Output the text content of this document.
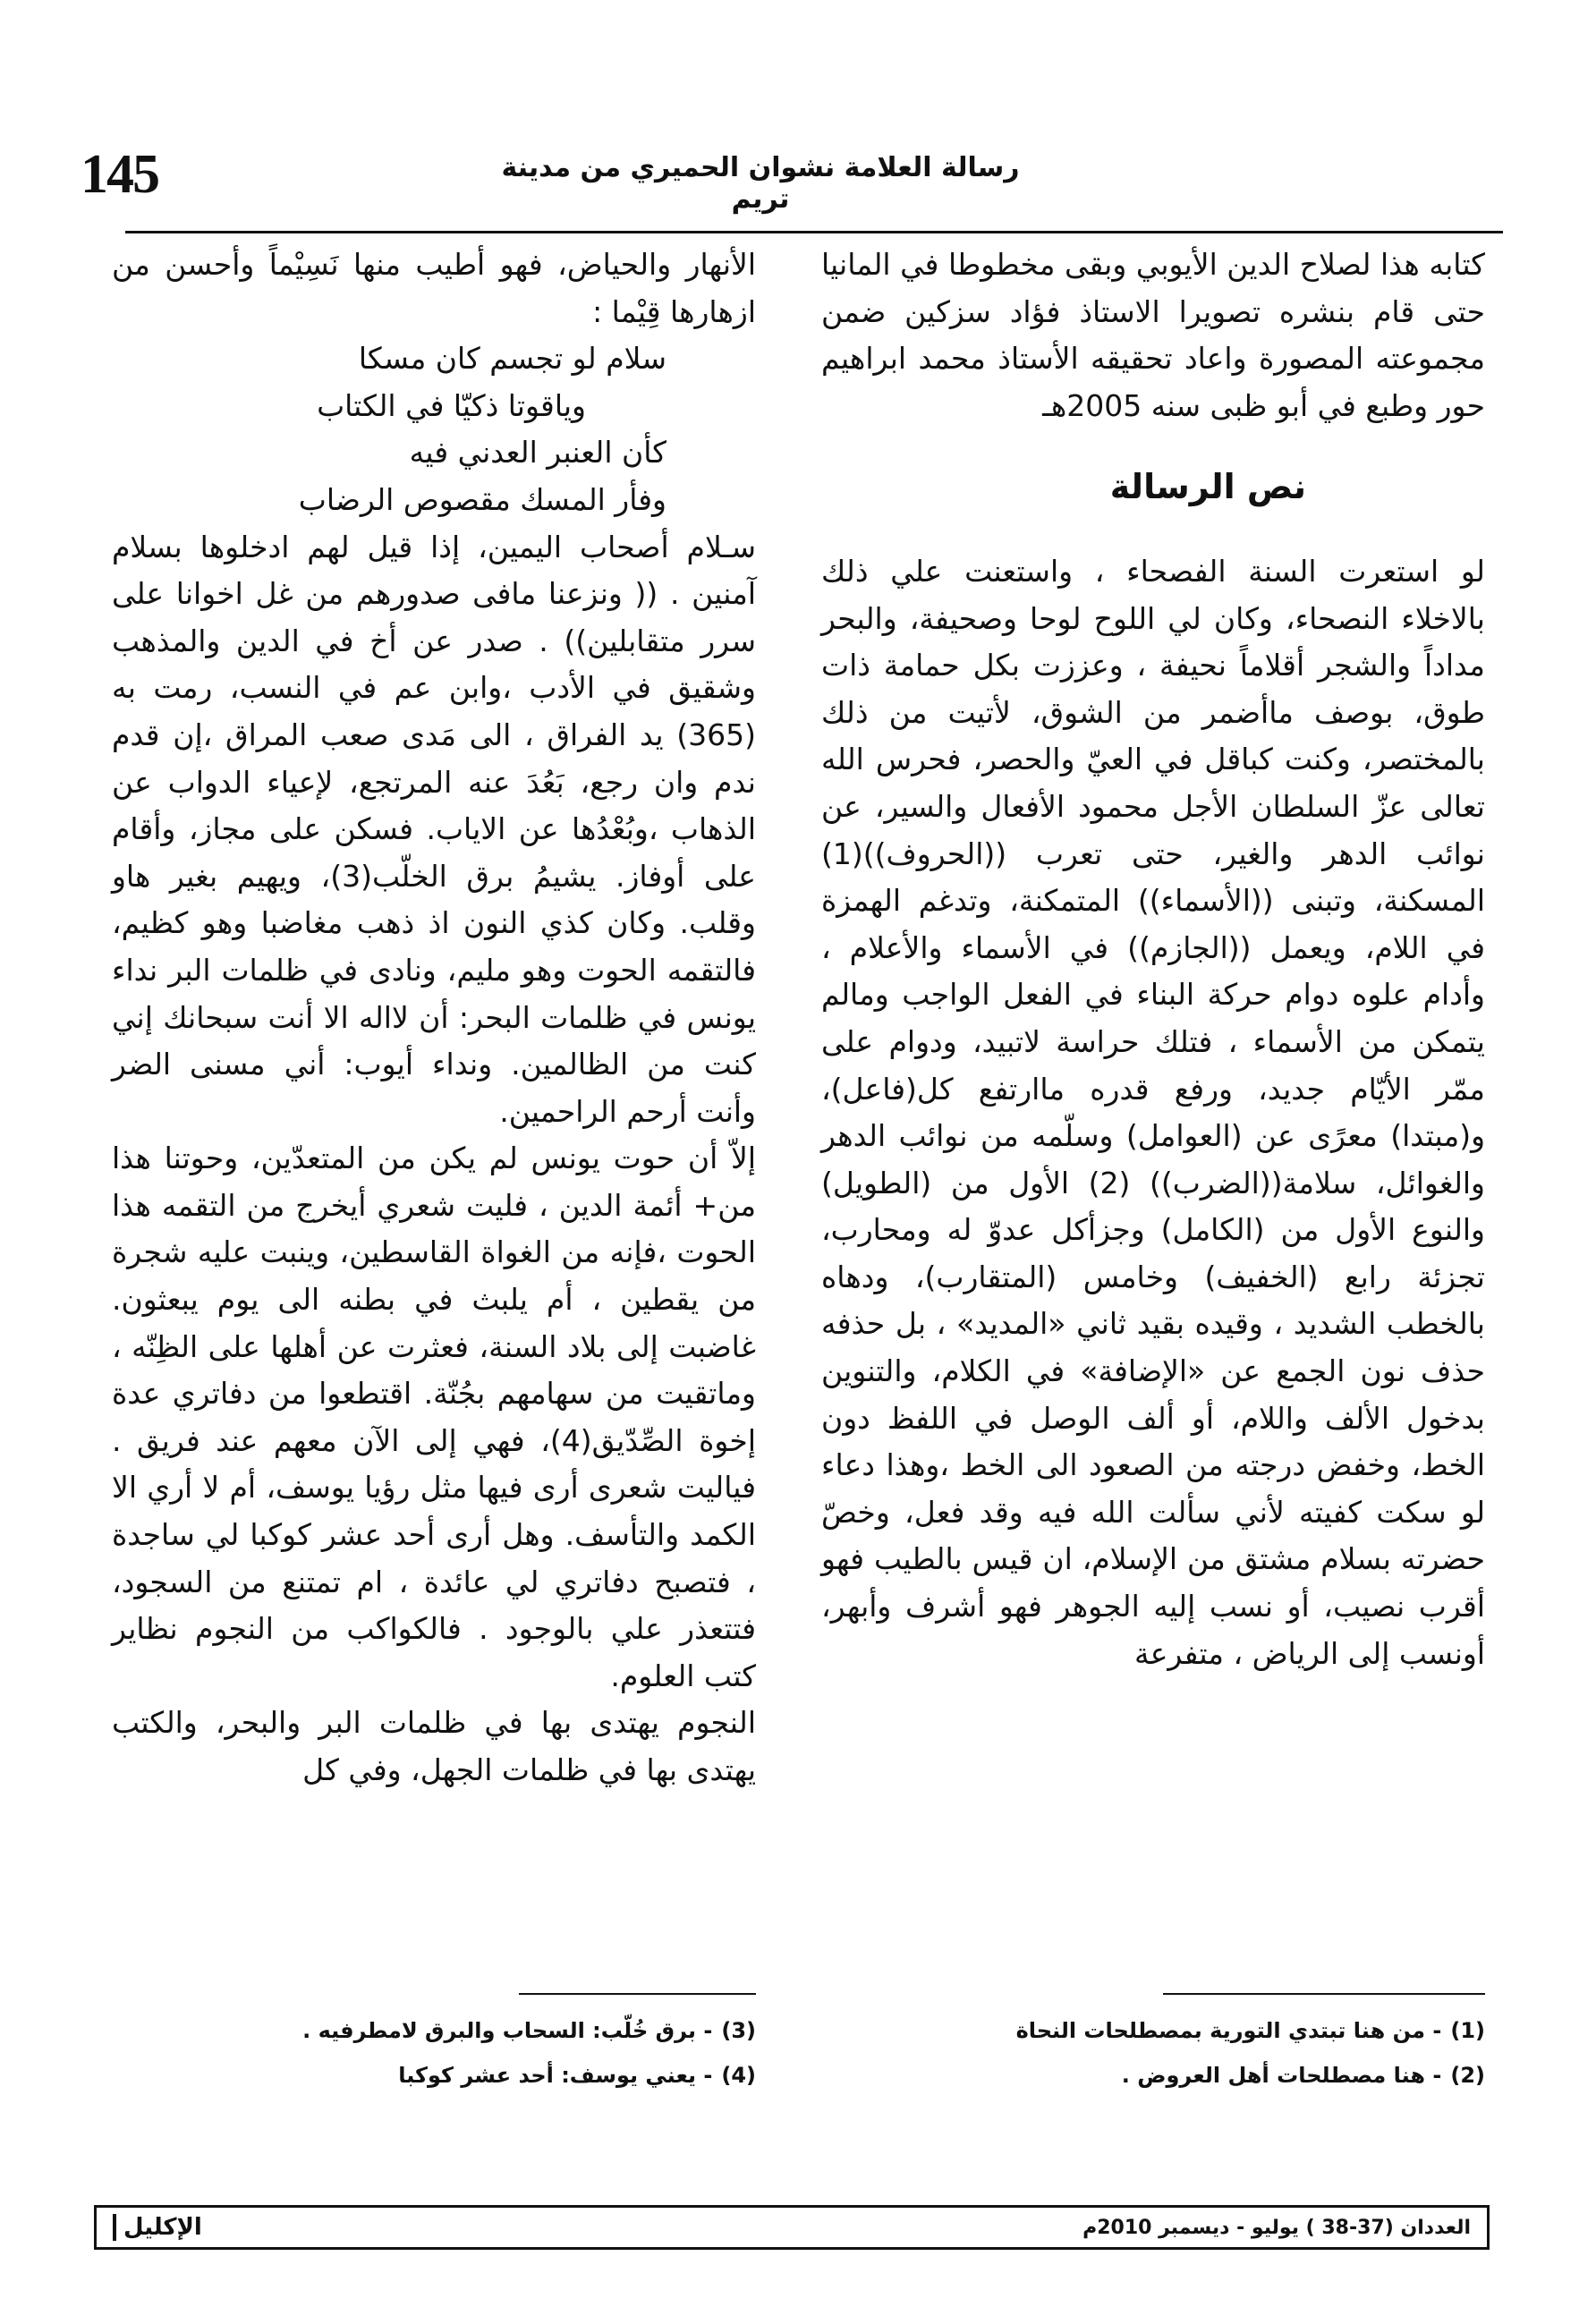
145	رسالة العلامة نشوان الحميري من مدينة تريم

كتابه هذا لصلاح الدين الأيوبي وبقى مخطوطا في المانيا حتى قام بنشره تصويرا الاستاذ فؤاد سزكين ضمن مجموعته المصورة واعاد تحقيقه الأستاذ محمد ابراهيم حور وطبع في أبو ظبى سنه 2005هـ

نص الرسالة

لو استعرت السنة الفصحاء ، واستعنت علي ذلك بالاخلاء النصحاء، وكان لي اللوح لوحا وصحيفة، والبحر مداداً والشجر أقلاماً نحيفة ، وعززت بكل حمامة ذات طوق، بوصف ماأضمر من الشوق، لأتيت من ذلك بالمختصر، وكنت كباقل في العيّ والحصر، فحرس الله تعالى عزّ السلطان الأجل محمود الأفعال والسير، عن نوائب الدهر والغير، حتى تعرب ((الحروف))(1) المسكنة، وتبنى ((الأسماء)) المتمكنة، وتدغم الهمزة في اللام، ويعمل ((الجازم)) في الأسماء والأعلام ، وأدام علوه دوام حركة البناء في الفعل الواجب ومالم يتمكن من الأسماء ، فتلك حراسة لاتبيد، ودوام على ممّر الأيّام جديد، ورفع قدره ماارتفع كل(فاعل)، و(مبتدا) معرًى عن (العوامل) وسلّمه من نوائب الدهر والغوائل، سلامة((الضرب)) (2) الأول من (الطويل) والنوع الأول من (الكامل) وجزأكل عدوّ له ومحارب، تجزئة رابع (الخفيف) وخامس (المتقارب)، ودهاه بالخطب الشديد ، وقيده بقيد ثاني «المديد» ، بل حذفه حذف نون الجمع عن «الإضافة» في الكلام، والتنوين بدخول الألف واللام، أو ألف الوصل في اللفظ دون الخط، وخفض درجته من الصعود الى الخط ،وهذا دعاء لو سكت كفيته لأني سألت الله فيه وقد فعل، وخصّ حضرته بسلام مشتق من الإسلام، ان قيس بالطيب فهو أقرب نصيب، أو نسب إليه الجوهر فهو أشرف وأبهر، أونسب إلى الرياض ، متفرعة

الأنهار والحياض، فهو أطيب منها نَسِيْماً وأحسن من ازهارها قِيْما :

سلام لو تجسم كان مسكا
وياقوتا ذكيّا في الكتاب
كأن العنبر العدني فيه
وفأر المسك مقصوص الرضاب

سـلام أصحاب اليمين، إذا قيل لهم ادخلوها بسلام آمنين . (( ونزعنا مافى صدورهم من غل اخوانا على سرر متقابلين)) . صدر عن أخ في الدين والمذهب وشقيق في الأدب ،وابن عم في النسب، رمت به (365) يد الفراق ، الى مَدى صعب المراق ،إن قدم ندم وان رجع، بَعُدَ عنه المرتجع، لإعياء الدواب عن الذهاب ،وبُعْدُها عن الاياب. فسكن على مجاز، وأقام على أوفاز. يشيمُ برق الخلّب(3)، ويهيم بغير هاو وقلب. وكان كذي النون اذ ذهب مغاضبا وهو كظيم، فالتقمه الحوت وهو مليم، ونادى في ظلمات البر نداء يونس في ظلمات البحر: أن لااله الا أنت سبحانك إني كنت من الظالمين. ونداء أيوب: أني مسنى الضر وأنت أرحم الراحمين.

إلاّ أن حوت يونس لم يكن من المتعدّين، وحوتنا هذا من+ أئمة الدين ، فليت شعري أيخرج من التقمه هذا الحوت ،فإنه من الغواة القاسطين، وينبت عليه شجرة من يقطين ، أم يلبث في بطنه الى يوم يبعثون. غاضبت إلى بلاد السنة، فعثرت عن أهلها على الظِنّه ، وماتقيت من سهامهم بجُنّة. اقتطعوا من دفاتري عدة إخوة الصِّدّيق(4)، فهي إلى الآن معهم عند فريق . فياليت شعرى أرى فيها مثل رؤيا يوسف، أم لا أري الا الكمد والتأسف. وهل أرى أحد عشر كوكبا لي ساجدة ، فتصبح دفاتري لي عائدة ، ام تمتنع من السجود، فتتعذر علي بالوجود . فالكواكب من النجوم نظاير كتب العلوم.

النجوم يهتدى بها في ظلمات البر والبحر، والكتب يهتدى بها في ظلمات الجهل، وفي كل

(1)- من هنا تبتدي التورية بمصطلحات النحاة
(2)- هنا مصطلحات أهل العروض .
(3)- برق خُلّب: السحاب والبرق لامطرفيه .
(4)- يعني يوسف: أحد عشر كوكبا
الإكليل	العددان (37-38 ) يوليو - ديسمبر 2010م
